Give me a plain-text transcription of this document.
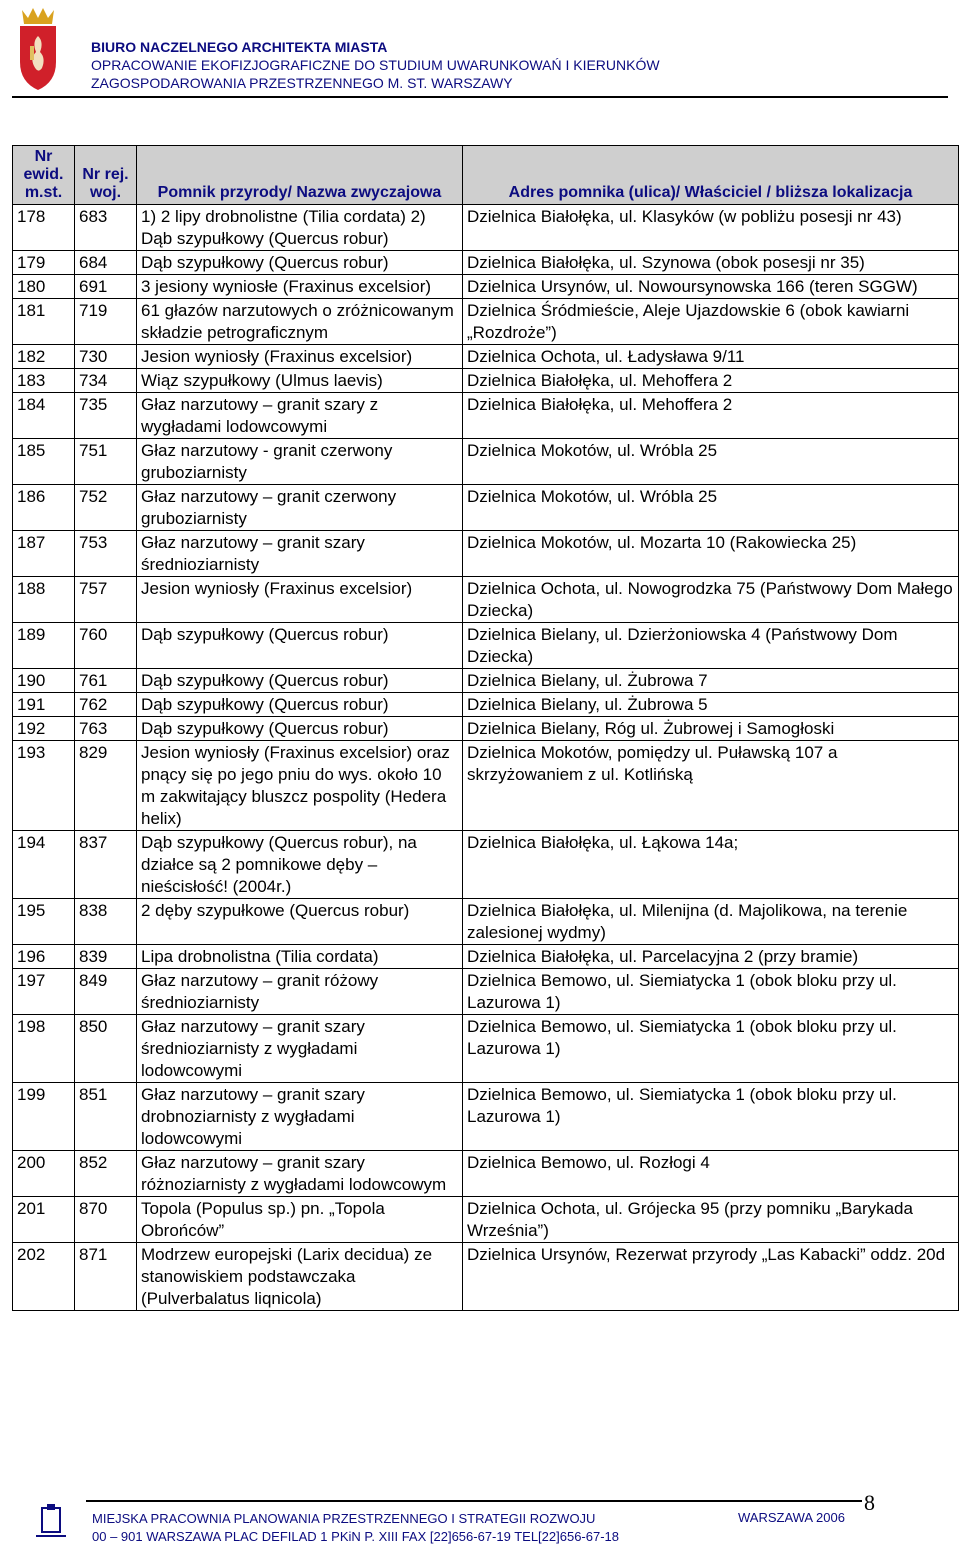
BIURO NACZELNEGO ARCHITEKTA MIASTA
OPRACOWANIE EKOFIZJOGRAFICZNE DO STUDIUM UWARUNKOWAŃ I KIERUNKÓW
ZAGOSPODAROWANIA PRZESTRZENNEGO M. ST. WARSZAWY
Nr ewid. m.st.	Nr rej. woj.	Pomnik przyrody/ Nazwa zwyczajowa	Adres pomnika (ulica)/ Właściciel / bliższa lokalizacja
178	683	1) 2 lipy drobnolistne (Tilia cordata) 2) Dąb szypułkowy (Quercus robur)	Dzielnica Białołęka, ul. Klasyków (w pobliżu posesji nr 43)
179	684	Dąb szypułkowy (Quercus robur)	Dzielnica Białołęka, ul. Szynowa (obok posesji nr 35)
180	691	3 jesiony wyniosłe (Fraxinus excelsior)	Dzielnica Ursynów, ul. Nowoursynowska 166 (teren SGGW)
181	719	61 głazów narzutowych o zróżnicowanym składzie petrograficznym	Dzielnica Śródmieście, Aleje Ujazdowskie 6 (obok kawiarni „Rozdroże”)
182	730	Jesion wyniosły (Fraxinus excelsior)	Dzielnica Ochota, ul. Ładysława 9/11
183	734	Wiąz szypułkowy (Ulmus laevis)	Dzielnica Białołęka, ul. Mehoffera 2
184	735	Głaz narzutowy – granit szary z wygładami lodowcowymi	Dzielnica Białołęka, ul. Mehoffera 2
185	751	Głaz narzutowy - granit czerwony gruboziarnisty	Dzielnica Mokotów, ul. Wróbla 25
186	752	Głaz narzutowy – granit czerwony gruboziarnisty	Dzielnica Mokotów, ul. Wróbla 25
187	753	Głaz narzutowy – granit szary średnioziarnisty	Dzielnica Mokotów, ul. Mozarta 10 (Rakowiecka 25)
188	757	Jesion wyniosły (Fraxinus excelsior)	Dzielnica Ochota, ul. Nowogrodzka 75 (Państwowy Dom Małego Dziecka)
189	760	Dąb szypułkowy (Quercus robur)	Dzielnica Bielany, ul. Dzierżoniowska 4 (Państwowy Dom Dziecka)
190	761	Dąb szypułkowy (Quercus robur)	Dzielnica Bielany, ul. Żubrowa 7
191	762	Dąb szypułkowy (Quercus robur)	Dzielnica Bielany, ul. Żubrowa 5
192	763	Dąb szypułkowy (Quercus robur)	Dzielnica Bielany, Róg ul. Żubrowej i Samogłoski
193	829	Jesion wyniosły (Fraxinus excelsior) oraz pnący się po jego pniu do wys. około 10 m zakwitający bluszcz pospolity (Hedera helix)	Dzielnica Mokotów, pomiędzy ul. Puławską 107 a skrzyżowaniem z ul. Kotlińską
194	837	Dąb szypułkowy (Quercus robur), na działce są 2 pomnikowe dęby – nieścisłość! (2004r.)	Dzielnica Białołęka, ul. Łąkowa 14a;
195	838	2 dęby szypułkowe (Quercus robur)	Dzielnica Białołęka, ul. Milenijna (d. Majolikowa, na terenie zalesionej wydmy)
196	839	Lipa drobnolistna (Tilia cordata)	Dzielnica Białołęka, ul. Parcelacyjna 2 (przy bramie)
197	849	Głaz narzutowy – granit różowy średnioziarnisty	Dzielnica Bemowo, ul. Siemiatycka 1 (obok bloku przy ul. Lazurowa 1)
198	850	Głaz narzutowy – granit szary średnioziarnisty z wygładami lodowcowymi	Dzielnica Bemowo, ul. Siemiatycka 1 (obok bloku przy ul. Lazurowa 1)
199	851	Głaz narzutowy – granit szary drobnoziarnisty z wygładami lodowcowymi	Dzielnica Bemowo, ul. Siemiatycka 1 (obok bloku przy ul. Lazurowa 1)
200	852	Głaz narzutowy – granit szary różnoziarnisty z wygładami lodowcowym	Dzielnica Bemowo, ul. Rozłogi 4
201	870	Topola (Populus sp.) pn. „Topola Obrońców”	Dzielnica Ochota, ul. Grójecka 95 (przy pomniku „Barykada Września”)
202	871	Modrzew europejski (Larix decidua) ze stanowiskiem podstawczaka (Pulverbalatus liqnicola)	Dzielnica Ursynów, Rezerwat przyrody „Las Kabacki” oddz. 20d
8
MIEJSKA PRACOWNIA PLANOWANIA PRZESTRZENNEGO I STRATEGII ROZWOJU
00 – 901 WARSZAWA PLAC DEFILAD 1 PKiN P. XIII FAX [22]656-67-19 TEL[22]656-67-18
WARSZAWA 2006
